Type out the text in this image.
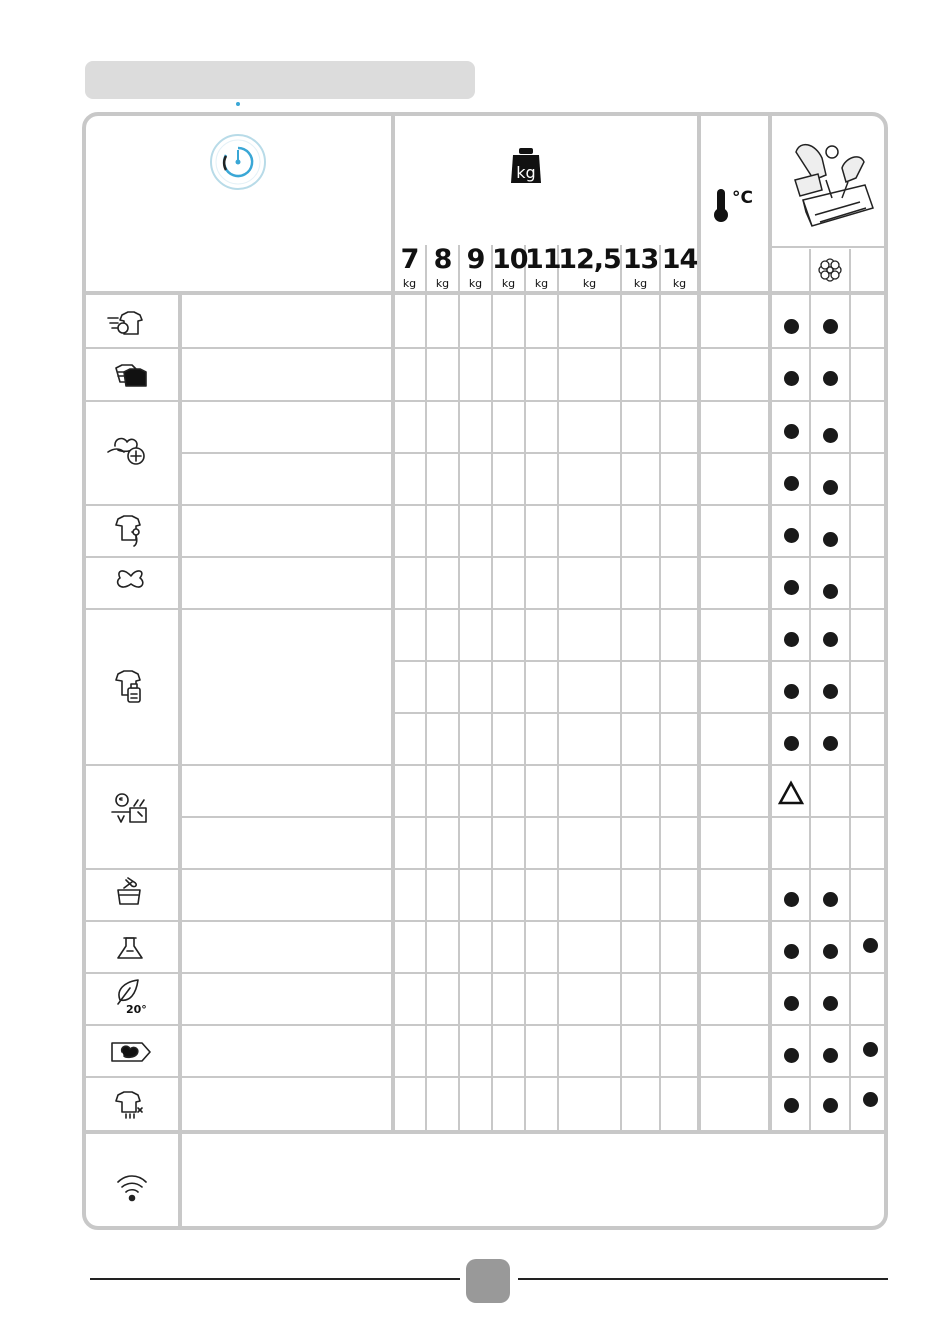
kg
°C
20°
7
kg
8
kg
9
kg
10
kg
11
kg
12,5
kg
13
kg
14
kg
